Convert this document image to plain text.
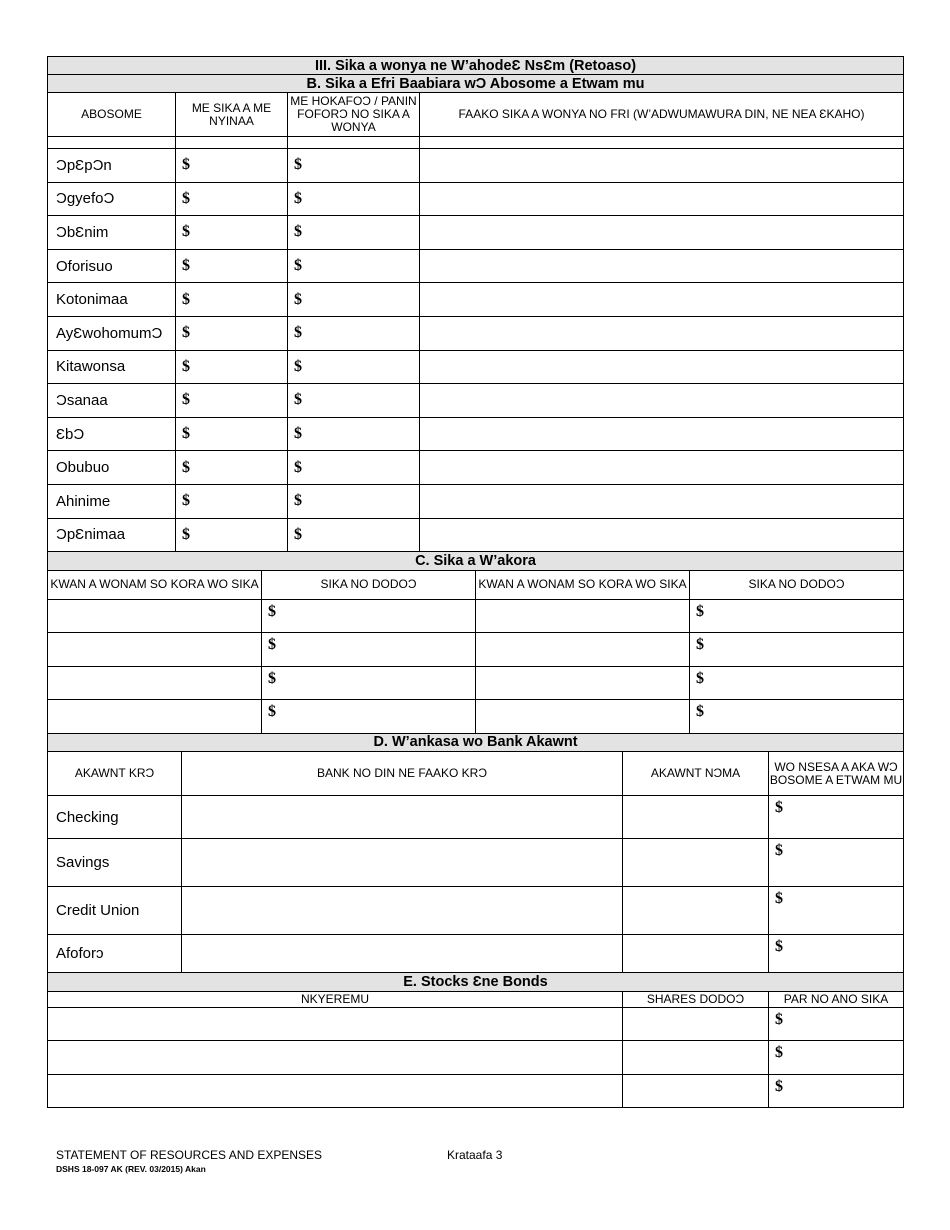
III. Sika a wonya ne W’ahodeƐ NsƐm (Retoaso)			
B. Sika a Efri Baabiara wƆ Abosome a Etwam mu			
ABOSOME	ME SIKA A ME NYINAA	ME HOKAFOƆ / PANIN FOFORƆ NO SIKA A WONYA	FAAKO SIKA A WONYA NO FRI (W’ADWUMAWURA DIN, NE NEA ƐKAHO)

ƆpƐpƆn	$	$	
ƆgyefoƆ	$	$	
ƆbƐnim	$	$	
Oforisuo	$	$	
Kotonimaa	$	$	
AyƐwohomumƆ	$	$	
Kitawonsa	$	$	
Ɔsanaa	$	$	
ƐbƆ	$	$	
Obubuo	$	$	
Ahinime	$	$	
ƆpƐnimaa	$	$	
C. Sika a W’akora			
KWAN A WONAM SO KORA WO SIKA	SIKA NO DODOƆ	KWAN A WONAM SO KORA WO SIKA	SIKA NO DODOƆ
	$		$
	$		$
	$		$
	$		$
D. W’ankasa wo Bank Akawnt			
AKAWNT KRƆ	BANK NO DIN NE FAAKO KRƆ	AKAWNT NƆMA	WO NSESA A AKA WƆ BOSOME A ETWAM MU
Checking			$
Savings			$
Credit Union			$
Afoforɔ			$
E. Stocks Ɛne Bonds		
NKYEREMU	SHARES DODOƆ	PAR NO ANO SIKA
		$
		$
		$
STATEMENT OF RESOURCES AND EXPENSES
DSHS 18-097 AK (REV. 03/2015) Akan
Krataafa 3
